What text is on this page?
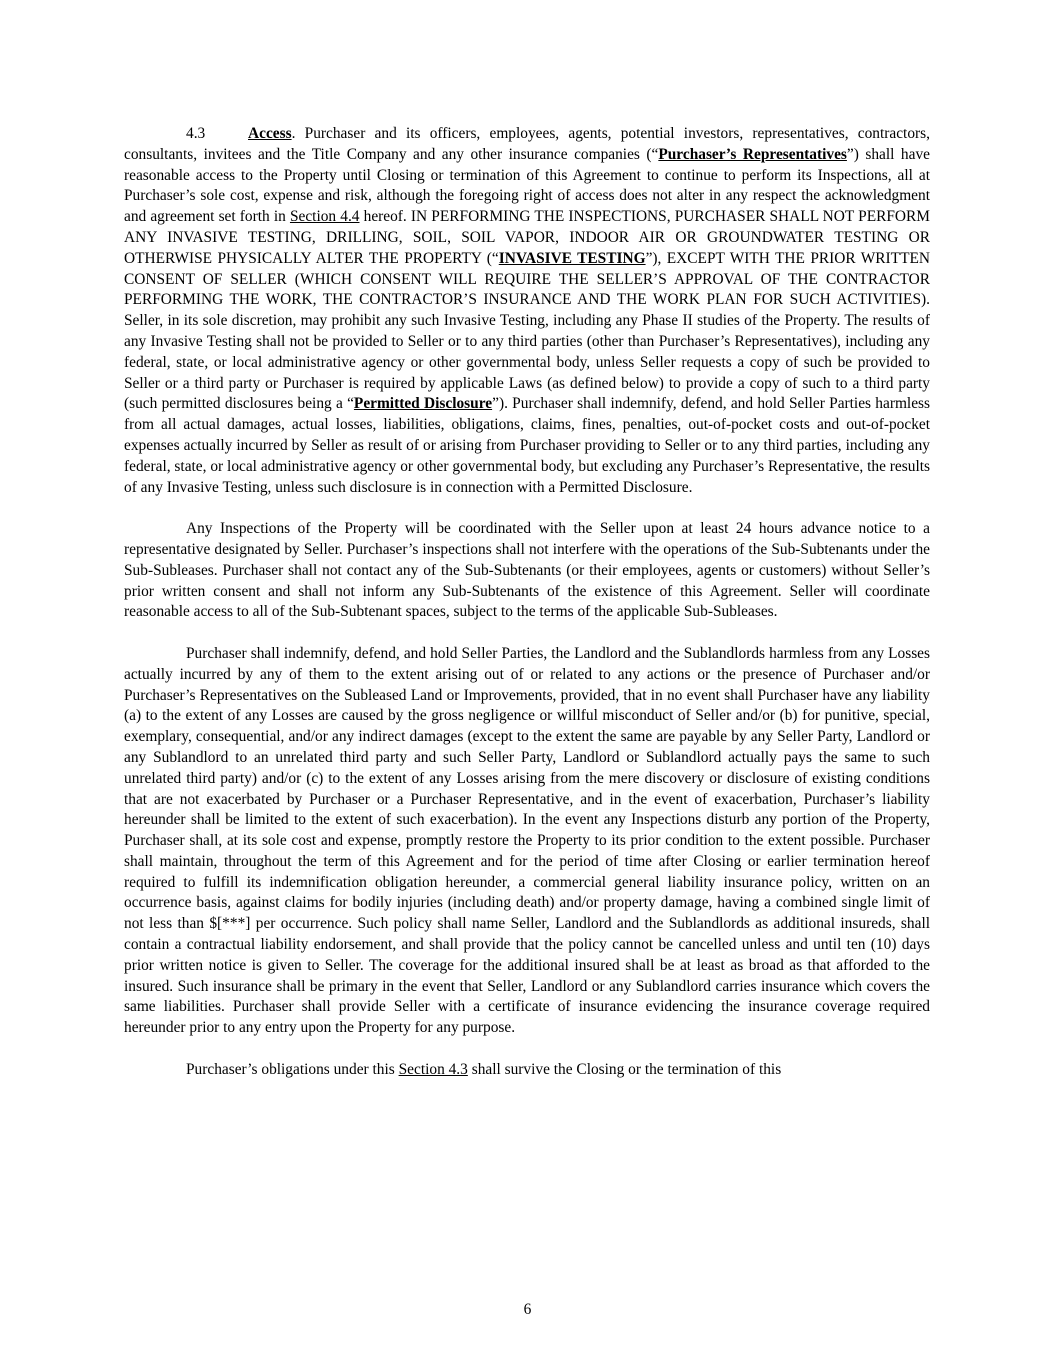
4.3	Access. Purchaser and its officers, employees, agents, potential investors, representatives, contractors, consultants, invitees and the Title Company and any other insurance companies (“Purchaser’s Representatives”) shall have reasonable access to the Property until Closing or termination of this Agreement to continue to perform its Inspections, all at Purchaser’s sole cost, expense and risk, although the foregoing right of access does not alter in any respect the acknowledgment and agreement set forth in Section 4.4 hereof. IN PERFORMING THE INSPECTIONS, PURCHASER SHALL NOT PERFORM ANY INVASIVE TESTING, DRILLING, SOIL, SOIL VAPOR, INDOOR AIR OR GROUNDWATER TESTING OR OTHERWISE PHYSICALLY ALTER THE PROPERTY (“INVASIVE TESTING”), EXCEPT WITH THE PRIOR WRITTEN CONSENT OF SELLER (WHICH CONSENT WILL REQUIRE THE SELLER’S APPROVAL OF THE CONTRACTOR PERFORMING THE WORK, THE CONTRACTOR’S INSURANCE AND THE WORK PLAN FOR SUCH ACTIVITIES). Seller, in its sole discretion, may prohibit any such Invasive Testing, including any Phase II studies of the Property. The results of any Invasive Testing shall not be provided to Seller or to any third parties (other than Purchaser’s Representatives), including any federal, state, or local administrative agency or other governmental body, unless Seller requests a copy of such be provided to Seller or a third party or Purchaser is required by applicable Laws (as defined below) to provide a copy of such to a third party (such permitted disclosures being a “Permitted Disclosure”). Purchaser shall indemnify, defend, and hold Seller Parties harmless from all actual damages, actual losses, liabilities, obligations, claims, fines, penalties, out-of-pocket costs and out-of-pocket expenses actually incurred by Seller as result of or arising from Purchaser providing to Seller or to any third parties, including any federal, state, or local administrative agency or other governmental body, but excluding any Purchaser’s Representative, the results of any Invasive Testing, unless such disclosure is in connection with a Permitted Disclosure.

Any Inspections of the Property will be coordinated with the Seller upon at least 24 hours advance notice to a representative designated by Seller. Purchaser’s inspections shall not interfere with the operations of the Sub-Subtenants under the Sub-Subleases. Purchaser shall not contact any of the Sub-Subtenants (or their employees, agents or customers) without Seller’s prior written consent and shall not inform any Sub-Subtenants of the existence of this Agreement. Seller will coordinate reasonable access to all of the Sub-Subtenant spaces, subject to the terms of the applicable Sub-Subleases.

Purchaser shall indemnify, defend, and hold Seller Parties, the Landlord and the Sublandlords harmless from any Losses actually incurred by any of them to the extent arising out of or related to any actions or the presence of Purchaser and/or Purchaser’s Representatives on the Subleased Land or Improvements, provided, that in no event shall Purchaser have any liability (a) to the extent of any Losses are caused by the gross negligence or willful misconduct of Seller and/or (b) for punitive, special, exemplary, consequential, and/or any indirect damages (except to the extent the same are payable by any Seller Party, Landlord or any Sublandlord to an unrelated third party and such Seller Party, Landlord or Sublandlord actually pays the same to such unrelated third party) and/or (c) to the extent of any Losses arising from the mere discovery or disclosure of existing conditions that are not exacerbated by Purchaser or a Purchaser Representative, and in the event of exacerbation, Purchaser’s liability hereunder shall be limited to the extent of such exacerbation). In the event any Inspections disturb any portion of the Property, Purchaser shall, at its sole cost and expense, promptly restore the Property to its prior condition to the extent possible. Purchaser shall maintain, throughout the term of this Agreement and for the period of time after Closing or earlier termination hereof required to fulfill its indemnification obligation hereunder, a commercial general liability insurance policy, written on an occurrence basis, against claims for bodily injuries (including death) and/or property damage, having a combined single limit of not less than $[***] per occurrence. Such policy shall name Seller, Landlord and the Sublandlords as additional insureds, shall contain a contractual liability endorsement, and shall provide that the policy cannot be cancelled unless and until ten (10) days prior written notice is given to Seller. The coverage for the additional insured shall be at least as broad as that afforded to the insured. Such insurance shall be primary in the event that Seller, Landlord or any Sublandlord carries insurance which covers the same liabilities. Purchaser shall provide Seller with a certificate of insurance evidencing the insurance coverage required hereunder prior to any entry upon the Property for any purpose.

Purchaser’s obligations under this Section 4.3 shall survive the Closing or the termination of this

6
